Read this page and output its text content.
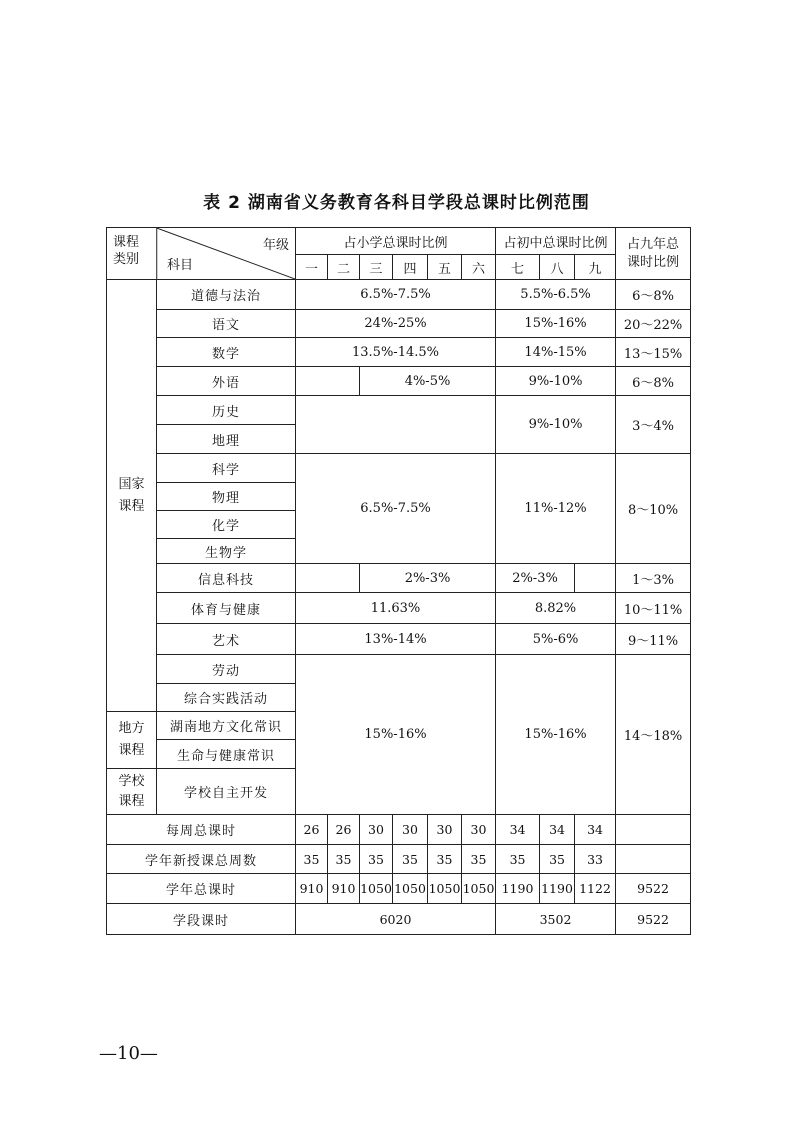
表 2 湖南省义务教育各科目学段总课时比例范围
课程
类别
年级
科目		占小学总课时比例						占初中总课时比例			占九年总
课时比例
		一	二	三	四	五	六	七	八	九	
国家
课程	道德与法治	6.5%-7.5%						5.5%-6.5%			6～8%
	语文	24%-25%						15%-16%			20～22%
	数学	13.5%-14.5%						14%-15%			13～15%
	外语			4%-5%				9%-10%			6～8%
	历史							9%-10%			3～4%
	地理										
	科学	6.5%-7.5%						11%-12%			8～10%
	物理										
	化学										
	生物学										
	信息科技			2%-3%				2%-3%			1～3%
	体育与健康	11.63%						8.82%			10～11%
	艺术	13%-14%						5%-6%			9～11%
	劳动	15%-16%						15%-16%			14～18%
	综合实践活动										
地方
课程	湖南地方文化常识										
	生命与健康常识										
学校
课程	学校自主开发										
每周总课时		26	26	30	30	30	30	34	34	34	
学年新授课总周数		35	35	35	35	35	35	35	35	33	
学年总课时		910	910	1050	1050	1050	1050	1190	1190	1122	9522
学段课时		6020						3502			9522
—10—
